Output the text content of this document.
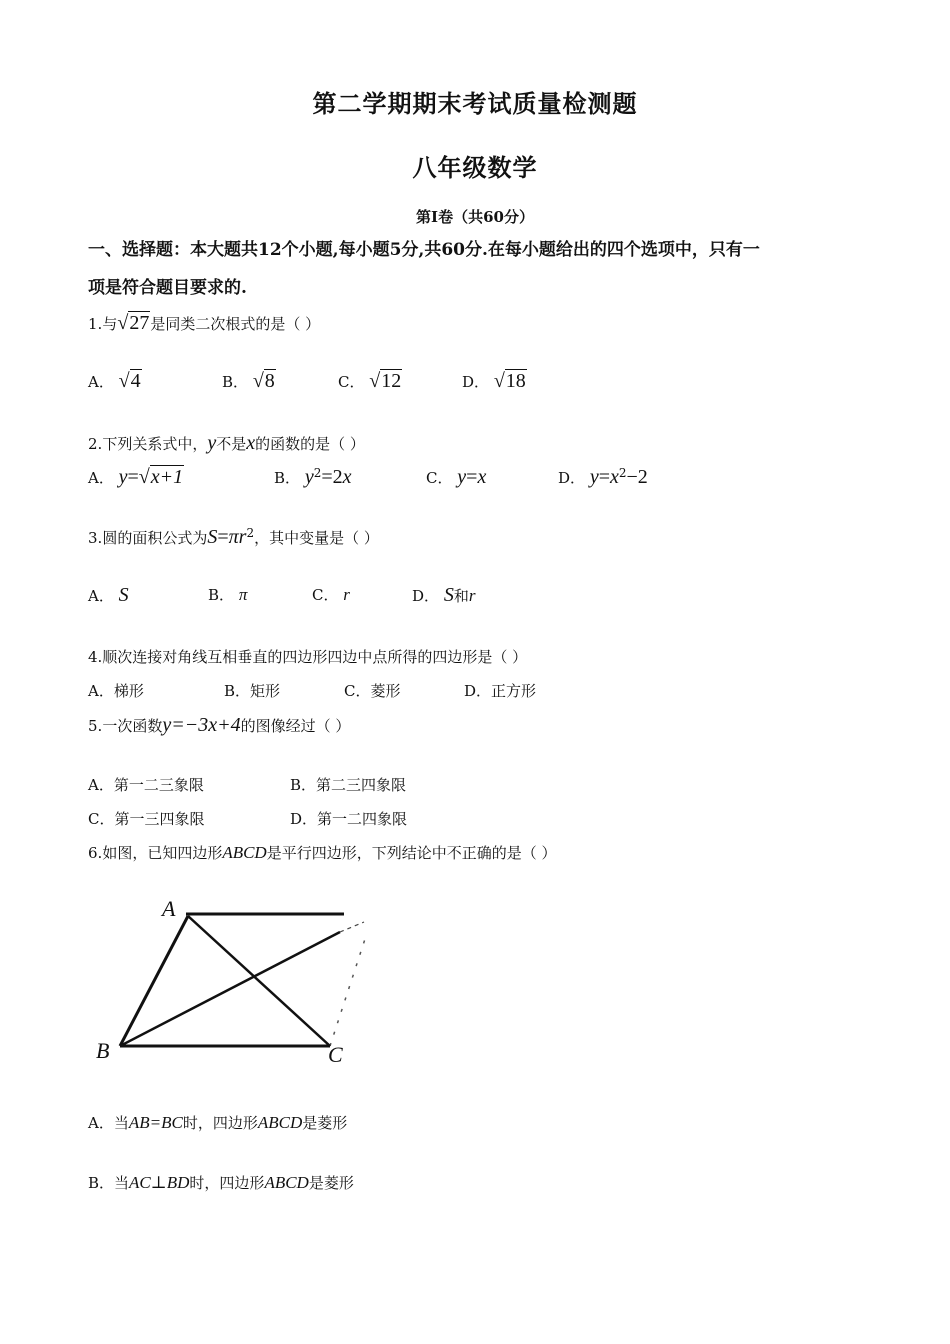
第二学期期末考试质量检测题
八年级数学
第Ⅰ卷（共60分）
一、选择题：本大题共12个小题,每小题5分,共60分.在每小题给出的四个选项中，只有一
项是符合题目要求的.
1.与√27是同类二次根式的是（ ）
A． √4	B． √8	C． √12	D． √18
2.下列关系式中，y不是x的函数的是（ ）
A． y=√x+1	B． $y^2=2x$	C． y=x	D． $y=x^2-2$
3.圆的面积公式为$S=\pi r^2$，其中变量是（ ）
A． S	B． π	C． r	D． S和r
4.顺次连接对角线互相垂直的四边形四边中点所得的四边形是（ ）
A．梯形	B．矩形	C．菱形	D．正方形
5.一次函数y=−3x+4的图像经过（ ）
A．第一二三象限	B．第二三四象限
C．第一三四象限	D．第一二四象限
6.如图，已知四边形ABCD是平行四边形，下列结论中不正确的是（ ）
A
B	C
A．当AB=BC时，四边形ABCD是菱形
B．当AC⊥BD时，四边形ABCD是菱形
